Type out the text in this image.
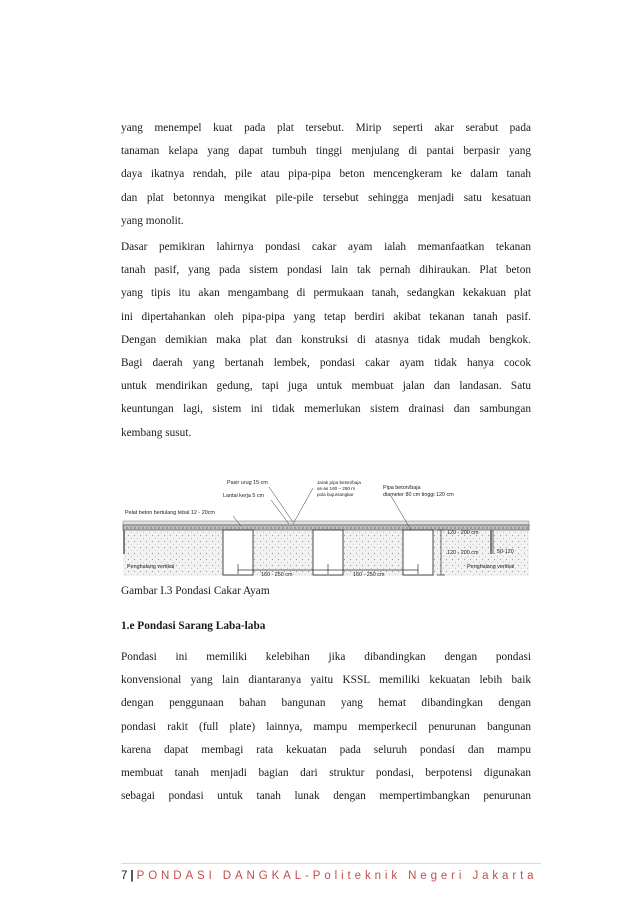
yang menempel kuat pada plat tersebut. Mirip seperti akar serabut pada
tanaman kelapa yang dapat tumbuh tinggi menjulang di pantai berpasir yang
daya ikatnya rendah, pile atau pipa-pipa beton mencengkeram ke dalam tanah
dan plat betonnya mengikat pile-pile tersebut sehingga menjadi satu kesatuan
yang monolit.
Dasar pemikiran lahirnya pondasi cakar ayam ialah memanfaatkan tekanan
tanah pasif, yang pada sistem pondasi lain tak pernah dihiraukan. Plat beton
yang tipis itu akan mengambang di permukaan tanah, sedangkan kekakuan plat
ini dipertahankan oleh pipa-pipa yang tetap berdiri akibat tekanan tanah pasif.
Dengan demikian maka plat dan konstruksi di atasnya tidak mudah bengkok.
Bagi daerah yang bertanah lembek, pondasi cakar ayam tidak hanya cocok
untuk mendirikan gedung, tapi juga untuk membuat jalan dan landasan. Satu
keuntungan lagi, sistem ini tidak memerlukan sistem drainasi dan sambungan
kembang susut.
Pasir urug 15 cm
Lantai kerja 5 cm
Pelat beton bertulang tebal 12 - 20cm
Jarak pipa beton/baja
as-as 160 – 250 m
pola bujursangkar
Pipa beton/baja
diameter 80 cm tinggi 120 cm
120 - 200 cm
120 - 200 cm	50-120
Penghalang vertikal	Penghalang vertikal
160 - 250 cm	160 - 250 cm
Gambar I.3 Pondasi Cakar Ayam
1.e Pondasi Sarang Laba-laba
Pondasi ini memiliki kelebihan jika dibandingkan dengan pondasi
konvensional yang lain diantaranya yaitu KSSL memiliki kekuatan lebih baik
dengan penggunaan bahan bangunan yang hemat dibandingkan dengan
pondasi rakit (full plate) lainnya, mampu memperkecil penurunan bangunan
karena dapat membagi rata kekuatan pada seluruh pondasi dan mampu
membuat tanah menjadi bagian dari struktur pondasi, berpotensi digunakan
sebagai pondasi untuk tanah lunak dengan mempertimbangkan penurunan
7 | PONDASI DANGKAL-Politeknik Negeri Jakarta
